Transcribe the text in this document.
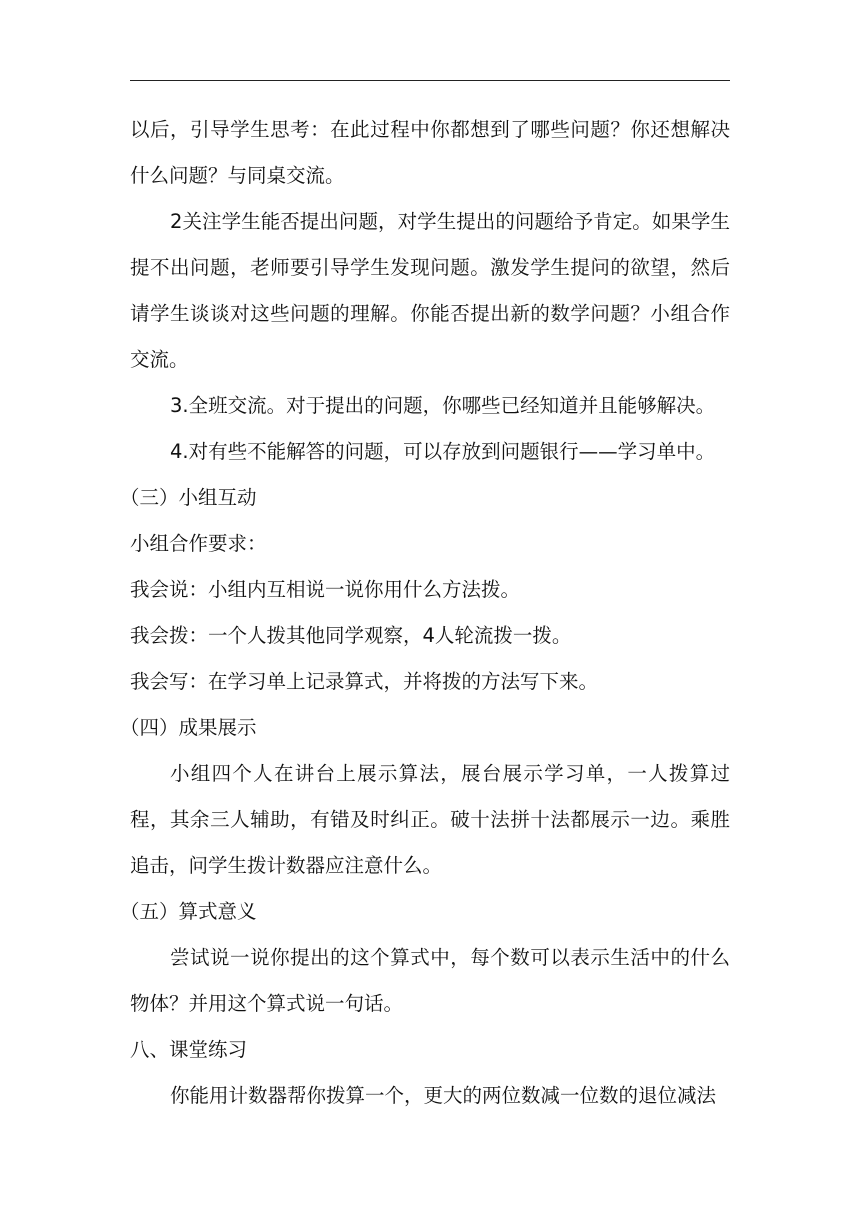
以后，引导学生思考：在此过程中你都想到了哪些问题？你还想解决什么问题？与同桌交流。

2关注学生能否提出问题，对学生提出的问题给予肯定。如果学生提不出问题，老师要引导学生发现问题。激发学生提问的欲望，然后请学生谈谈对这些问题的理解。你能否提出新的数学问题？小组合作交流。

3.全班交流。对于提出的问题，你哪些已经知道并且能够解决。

4.对有些不能解答的问题，可以存放到问题银行——学习单中。

（三）小组互动

小组合作要求：

我会说：小组内互相说一说你用什么方法拨。

我会拨：一个人拨其他同学观察，4人轮流拨一拨。

我会写：在学习单上记录算式，并将拨的方法写下来。

（四）成果展示

小组四个人在讲台上展示算法，展台展示学习单，一人拨算过程，其余三人辅助，有错及时纠正。破十法拼十法都展示一边。乘胜追击，问学生拨计数器应注意什么。

（五）算式意义

尝试说一说你提出的这个算式中，每个数可以表示生活中的什么物体？并用这个算式说一句话。

八、课堂练习

你能用计数器帮你拨算一个，更大的两位数减一位数的退位减法
